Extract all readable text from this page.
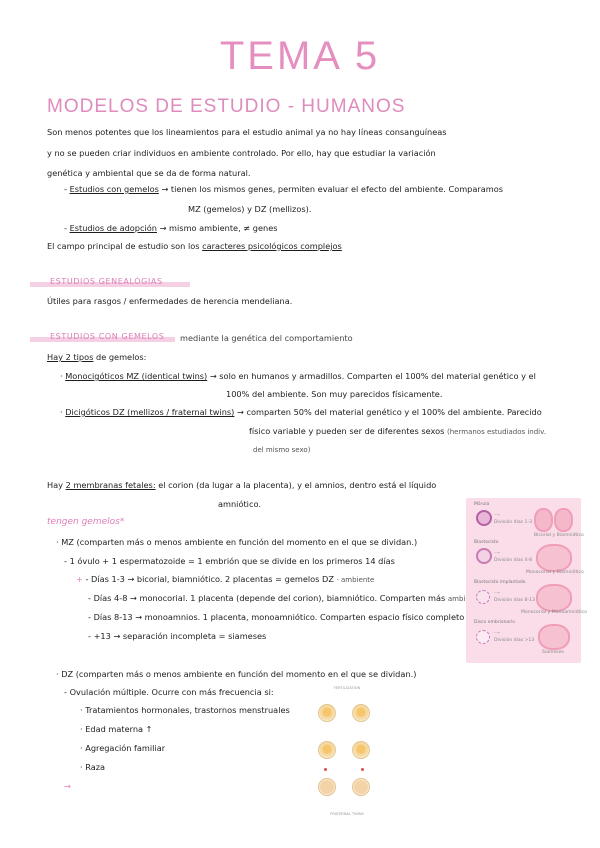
TEMA 5
MODELOS DE ESTUDIO - HUMANOS
Son menos potentes que los lineamientos para el estudio animal ya no hay líneas consanguíneas
y no se pueden criar individuos en ambiente controlado. Por ello, hay que estudiar la variación
genética y ambiental que se da de forma natural.
- Estudios con gemelos → tienen los mismos genes, permiten evaluar el efecto del ambiente. Comparamos
MZ (gemelos) y DZ (mellizos).
- Estudios de adopción → mismo ambiente, ≠ genes
El campo principal de estudio son los caracteres psicológicos complejos
ESTUDIOS GENEALÓGIAS
Útiles para rasgos / enfermedades de herencia mendeliana.
ESTUDIOS CON GEMELOS mediante la genética del comportamiento
Hay 2 tipos de gemelos:
· Monocigóticos MZ (identical twins) → solo en humanos y armadillos. Comparten el 100% del material genético y el
100% del ambiente. Son muy parecidos físicamente.
· Dicigóticos DZ (mellizos / fraternal twins) → comparten 50% del material genético y el 100% del ambiente. Parecido
físico variable y pueden ser de diferentes sexos (hermanos estudiados indiv.
del mismo sexo)
Hay 2 membranas fetales: el corion (da lugar a la placenta), y el amnios, dentro está el líquido
amniótico.
tengen gemelos*
· MZ (comparten más o menos ambiente en función del momento en el que se dividan.)
- 1 óvulo + 1 espermatozoide = 1 embrión que se divide en los primeros 14 días
+ - Días 1-3 → bicorial, biamniótico. 2 placentas = gemelos DZ · ambiente
- Días 4-8 → monocorial. 1 placenta (depende del corion), biamniótico. Comparten más ambi
- Días 8-13 → monoamnios. 1 placenta, monoamniótico. Comparten espacio físico completo
- +13 → separación incompleta = siameses
Mórula
⟶
División días 1-3
Bicorial y Biamniótico
Blastocisto
⟶
División días 4-8
Monocorial y Biamniótico
Blastocisto implantado
⟶
División días 8-13
Monocorial y Monoamniótico
Disco embrionario
⟶
División días >13
Siameses
· DZ (comparten más o menos ambiente en función del momento en el que se dividan.)
- Ovulación múltiple. Ocurre con más frecuencia si:
· Tratamientos hormonales, trastornos menstruales
· Edad materna ↑
· Agregación familiar
· Raza
→
FERTILIZATION
FRATERNAL TWINS
